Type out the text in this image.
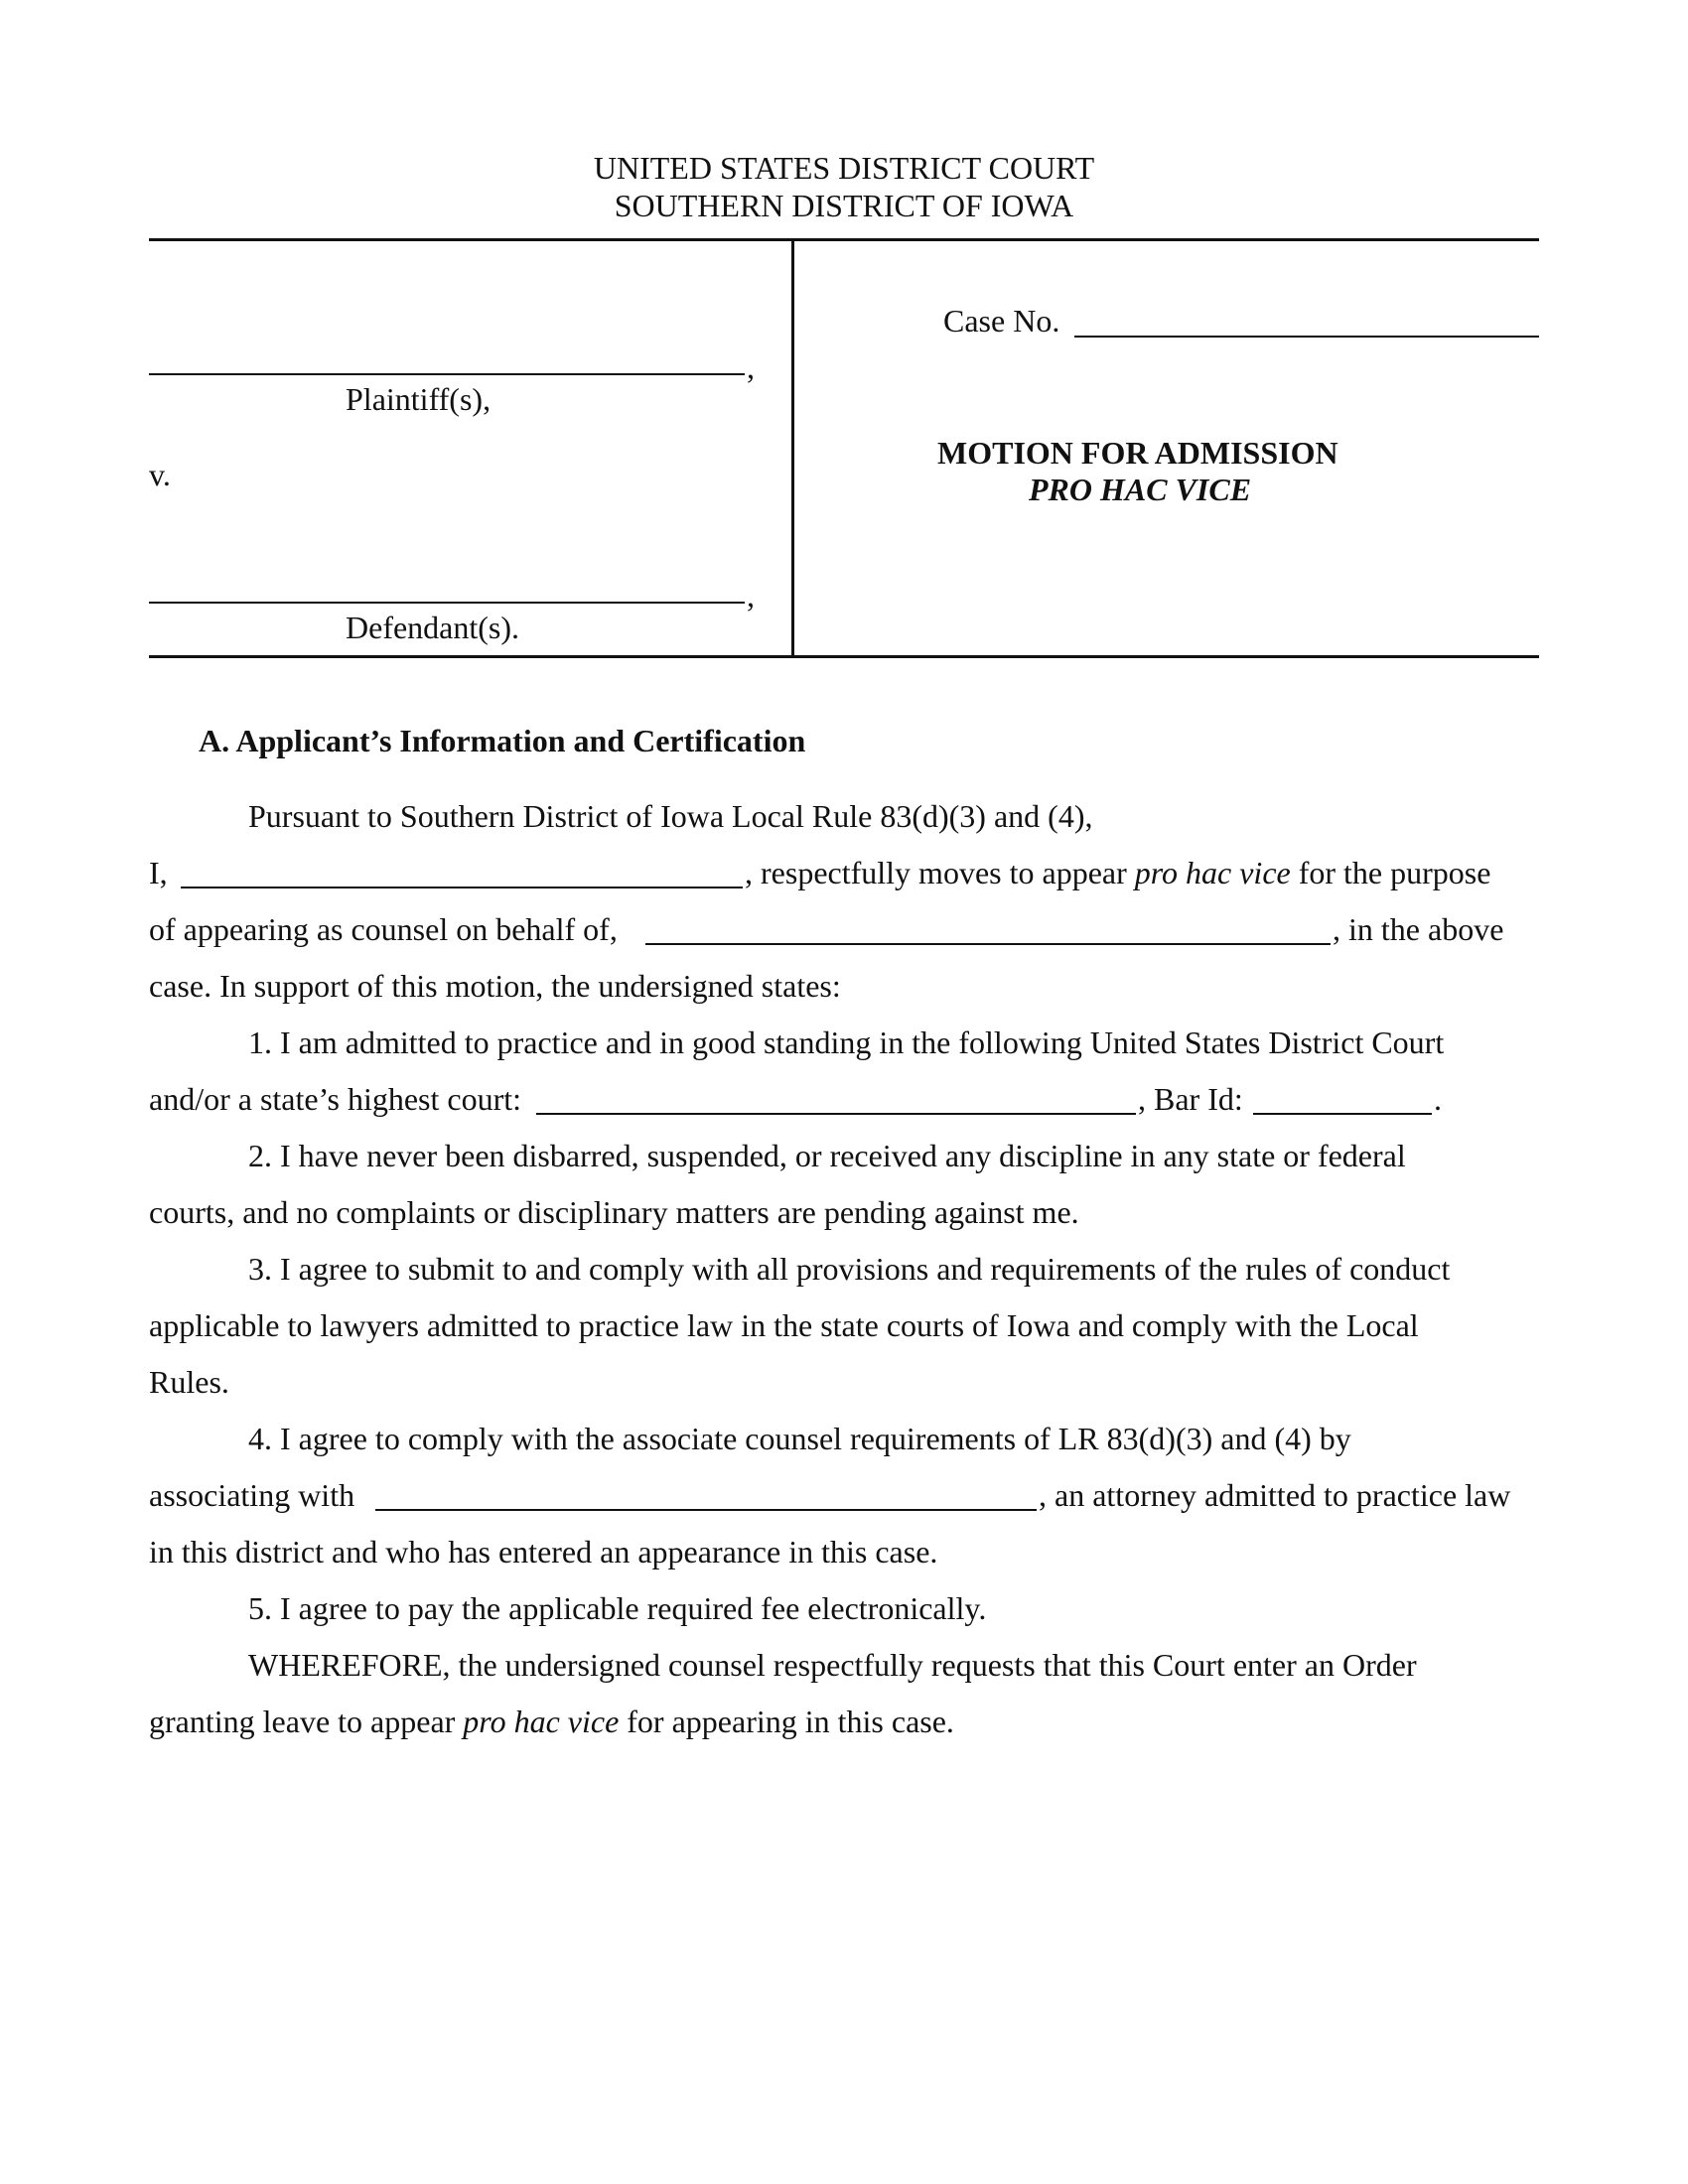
UNITED STATES DISTRICT COURT
SOUTHERN DISTRICT OF IOWA
,
Plaintiff(s),
v.
,
Defendant(s).
Case No.
MOTION FOR ADMISSION
PRO HAC VICE
A. Applicant’s Information and Certification
Pursuant to Southern District of Iowa Local Rule 83(d)(3) and (4),
I,	, respectfully moves to appear pro hac vice for the purpose
of appearing as counsel on behalf of,	, in the above
case. In support of this motion, the undersigned states:
1. I am admitted to practice and in good standing in the following United States District Court
and/or a state’s highest court:	, Bar Id:	.
2. I have never been disbarred, suspended, or received any discipline in any state or federal
courts, and no complaints or disciplinary matters are pending against me.
3. I agree to submit to and comply with all provisions and requirements of the rules of conduct
applicable to lawyers admitted to practice law in the state courts of Iowa and comply with the Local
Rules.
4. I agree to comply with the associate counsel requirements of LR 83(d)(3) and (4) by
associating with	, an attorney admitted to practice law
in this district and who has entered an appearance in this case.
5. I agree to pay the applicable required fee electronically.
WHEREFORE, the undersigned counsel respectfully requests that this Court enter an Order
granting leave to appear pro hac vice for appearing in this case.
